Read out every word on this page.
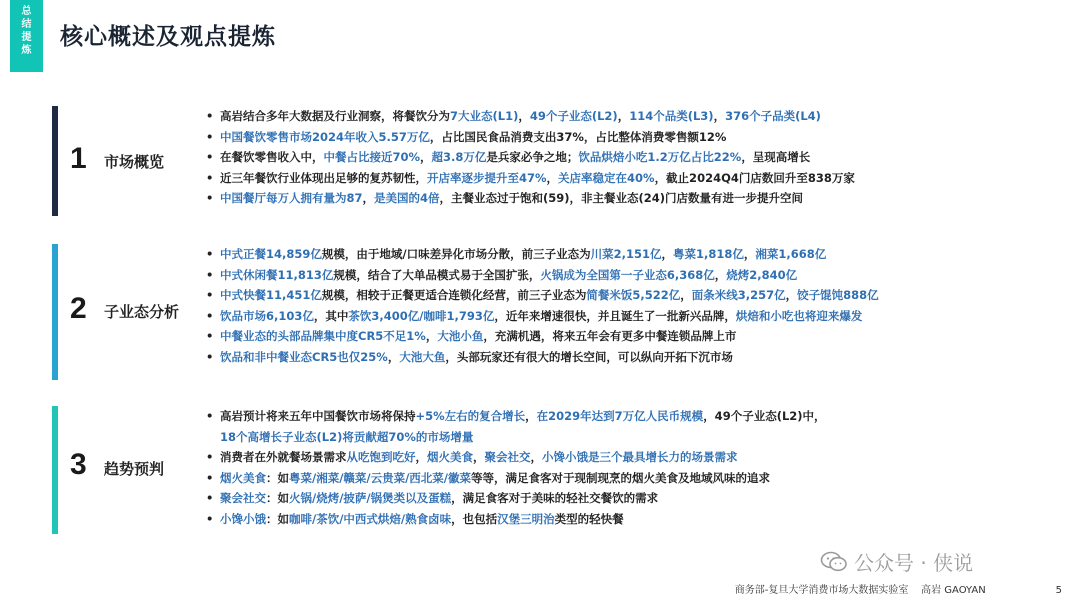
总
结
提
炼
核心概述及观点提炼
1 市场概览
• 高岩结合多年大数据及行业洞察，将餐饮分为7大业态(L1)，49个子业态(L2)，114个品类(L3)，376个子品类(L4)
• 中国餐饮零售市场2024年收入5.57万亿，占比国民食品消费支出37%，占比整体消费零售额12%
• 在餐饮零售收入中，中餐占比接近70%，超3.8万亿是兵家必争之地；饮品烘焙小吃1.2万亿占比22%，呈现高增长
• 近三年餐饮行业体现出足够的复苏韧性，开店率逐步提升至47%，关店率稳定在40%，截止2024Q4门店数回升至838万家
• 中国餐厅每万人拥有量为87，是美国的4倍，主餐业态过于饱和(59)，非主餐业态(24)门店数量有进一步提升空间
2 子业态分析
• 中式正餐14,859亿规模，由于地域/口味差异化市场分散，前三子业态为川菜2,151亿，粤菜1,818亿，湘菜1,668亿
• 中式休闲餐11,813亿规模，结合了大单品模式易于全国扩张，火锅成为全国第一子业态6,368亿，烧烤2,840亿
• 中式快餐11,451亿规模，相较于正餐更适合连锁化经营，前三子业态为简餐米饭5,522亿，面条米线3,257亿，饺子馄饨888亿
• 饮品市场6,103亿，其中茶饮3,400亿/咖啡1,793亿，近年来增速很快，并且诞生了一批新兴品牌，烘焙和小吃也将迎来爆发
• 中餐业态的头部品牌集中度CR5不足1%，大池小鱼，充满机遇，将来五年会有更多中餐连锁品牌上市
• 饮品和非中餐业态CR5也仅25%，大池大鱼，头部玩家还有很大的增长空间，可以纵向开拓下沉市场
3 趋势预判
• 高岩预计将来五年中国餐饮市场将保持+5%左右的复合增长，在2029年达到7万亿人民币规模，49个子业态(L2)中，
18个高增长子业态(L2)将贡献超70%的市场增量
• 消费者在外就餐场景需求从吃饱到吃好，烟火美食，聚会社交，小馋小饿是三个最具增长力的场景需求
• 烟火美食：如粤菜/湘菜/赣菜/云贵菜/西北菜/徽菜等等，满足食客对于现制现烹的烟火美食及地域风味的追求
• 聚会社交：如火锅/烧烤/披萨/锅煲类以及蛋糕，满足食客对于美味的轻社交餐饮的需求
• 小馋小饿：如咖啡/茶饮/中西式烘焙/熟食卤味，也包括汉堡三明治类型的轻快餐
公众号 · 侠说
商务部-复旦大学消费市场大数据实验室 高岩 GAOYAN	5
